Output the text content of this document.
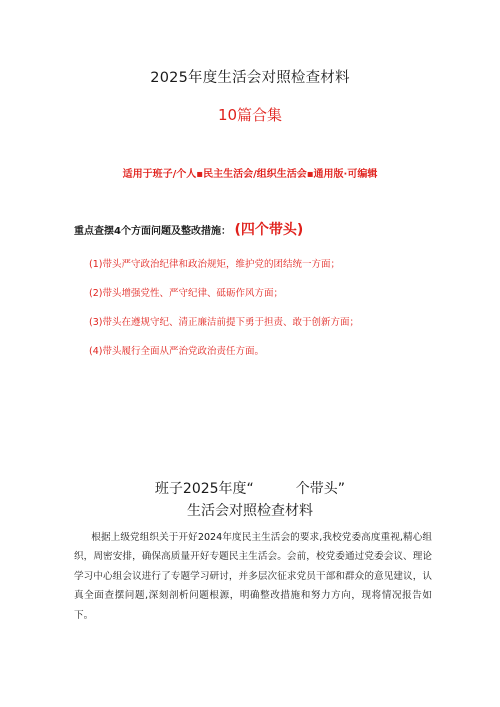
2025年度生活会对照检查材料
10篇合集
适用于班子/个人▪民主生活会/组织生活会▪通用版·可编辑
重点查摆4个方面问题及整改措施： (四个带头)
(1)带头严守政治纪律和政治规矩，维护党的团结统一方面；
(2)带头增强党性、严守纪律、砥砺作风方面；
(3)带头在遵规守纪、清正廉洁前提下勇于担责、敢于创新方面；
(4)带头履行全面从严治党政治责任方面。
班子2025年度“　　　个带头”
生活会对照检查材料

根据上级党组织关于开好2024年度民主生活会的要求,我校党委高度重视,精心组织，周密安排，确保高质量开好专题民主生活会。会前，校党委通过党委会议、理论学习中心组会议进行了专题学习研讨，并多层次征求党员干部和群众的意见建议，认真全面查摆问题,深刻剖析问题根源，明确整改措施和努力方向，现将情况报告如下。
